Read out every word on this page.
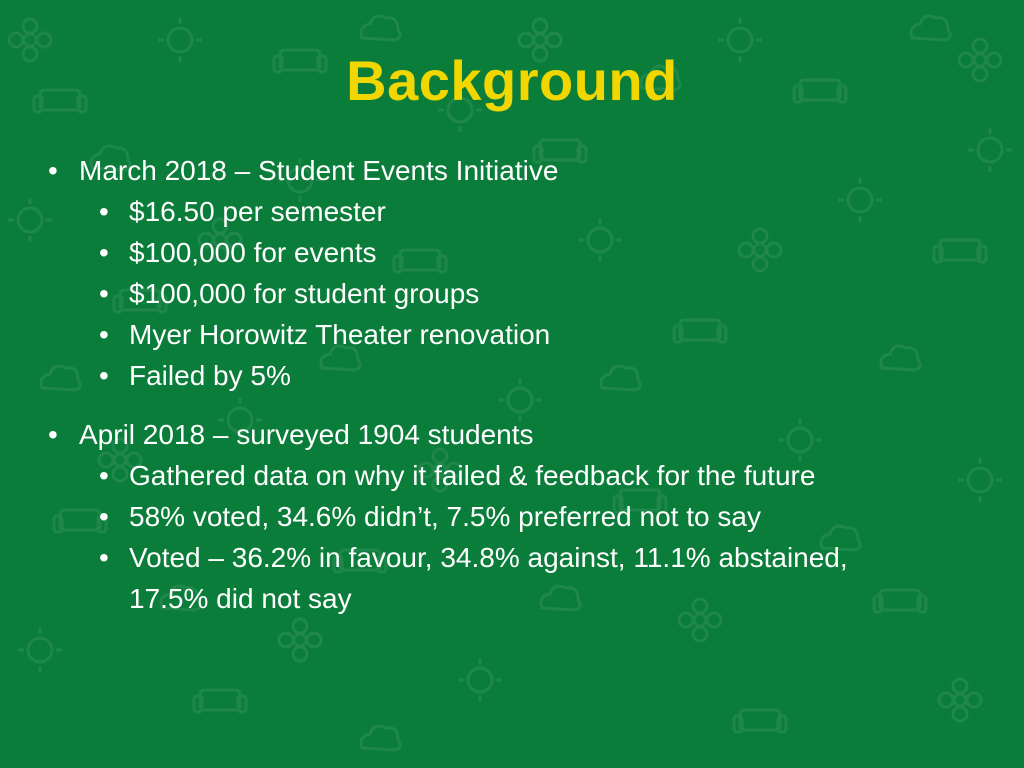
Background
• March 2018 – Student Events Initiative
• $16.50 per semester
• $100,000 for events
• $100,000 for student groups
• Myer Horowitz Theater renovation
• Failed by 5%
• April 2018 – surveyed 1904 students
• Gathered data on why it failed & feedback for the future
• 58% voted, 34.6% didn’t, 7.5% preferred not to say
• Voted – 36.2% in favour, 34.8% against, 11.1% abstained, 17.5% did not say
